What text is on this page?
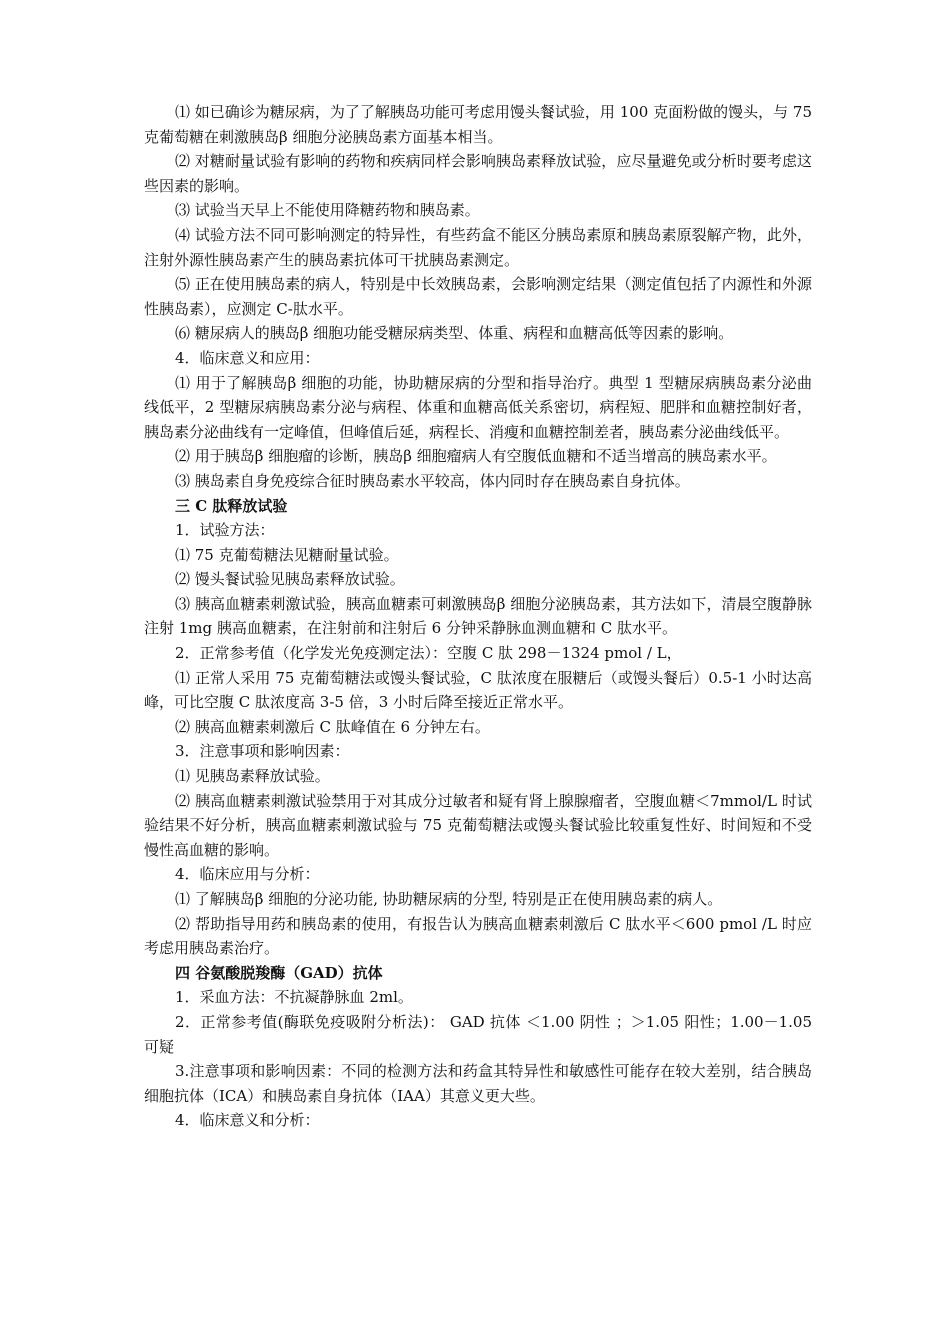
⑴ 如已确诊为糖尿病，为了了解胰岛功能可考虑用馒头餐试验，用 100 克面粉做的馒头，与 75 克葡萄糖在刺激胰岛β 细胞分泌胰岛素方面基本相当。

⑵ 对糖耐量试验有影响的药物和疾病同样会影响胰岛素释放试验，应尽量避免或分析时要考虑这些因素的影响。

⑶ 试验当天早上不能使用降糖药物和胰岛素。

⑷ 试验方法不同可影响测定的特异性，有些药盒不能区分胰岛素原和胰岛素原裂解产物，此外，注射外源性胰岛素产生的胰岛素抗体可干扰胰岛素测定。

⑸ 正在使用胰岛素的病人，特别是中长效胰岛素，会影响测定结果（测定值包括了内源性和外源性胰岛素），应测定 C-肽水平。

⑹ 糖尿病人的胰岛β 细胞功能受糖尿病类型、体重、病程和血糖高低等因素的影响。

4．临床意义和应用：

⑴ 用于了解胰岛β 细胞的功能，协助糖尿病的分型和指导治疗。典型 1 型糖尿病胰岛素分泌曲线低平，2 型糖尿病胰岛素分泌与病程、体重和血糖高低关系密切，病程短、肥胖和血糖控制好者，胰岛素分泌曲线有一定峰值，但峰值后延，病程长、消瘦和血糖控制差者，胰岛素分泌曲线低平。

⑵ 用于胰岛β 细胞瘤的诊断，胰岛β 细胞瘤病人有空腹低血糖和不适当增高的胰岛素水平。

⑶ 胰岛素自身免疫综合征时胰岛素水平较高，体内同时存在胰岛素自身抗体。

三 C 肽释放试验

1．试验方法：

⑴ 75 克葡萄糖法见糖耐量试验。

⑵ 馒头餐试验见胰岛素释放试验。

⑶ 胰高血糖素刺激试验，胰高血糖素可刺激胰岛β 细胞分泌胰岛素，其方法如下，清晨空腹静脉注射 1mg 胰高血糖素，在注射前和注射后 6 分钟采静脉血测血糖和 C 肽水平。

2．正常参考值（化学发光免疫测定法）：空腹 C 肽 298－1324 pmol / L，

⑴ 正常人采用 75 克葡萄糖法或馒头餐试验，C 肽浓度在服糖后（或馒头餐后）0.5-1 小时达高峰，可比空腹 C 肽浓度高 3-5 倍，3 小时后降至接近正常水平。

⑵ 胰高血糖素刺激后 C 肽峰值在 6 分钟左右。

3．注意事项和影响因素：

⑴ 见胰岛素释放试验。

⑵ 胰高血糖素刺激试验禁用于对其成分过敏者和疑有肾上腺腺瘤者，空腹血糖＜7mmol/L 时试验结果不好分析，胰高血糖素刺激试验与 75 克葡萄糖法或馒头餐试验比较重复性好、时间短和不受慢性高血糖的影响。

4．临床应用与分析：

⑴ 了解胰岛β 细胞的分泌功能, 协助糖尿病的分型, 特别是正在使用胰岛素的病人。

⑵ 帮助指导用药和胰岛素的使用，有报告认为胰高血糖素刺激后 C 肽水平＜600 pmol /L 时应考虑用胰岛素治疗。

四 谷氨酸脱羧酶（GAD）抗体

1．采血方法：不抗凝静脉血 2ml。

2．正常参考值(酶联免疫吸附分析法)： GAD 抗体 ＜1.00 阴性 ；＞1.05 阳性；1.00－1.05 可疑

3.注意事项和影响因素：不同的检测方法和药盒其特异性和敏感性可能存在较大差别，结合胰岛细胞抗体（ICA）和胰岛素自身抗体（IAA）其意义更大些。

4．临床意义和分析：
